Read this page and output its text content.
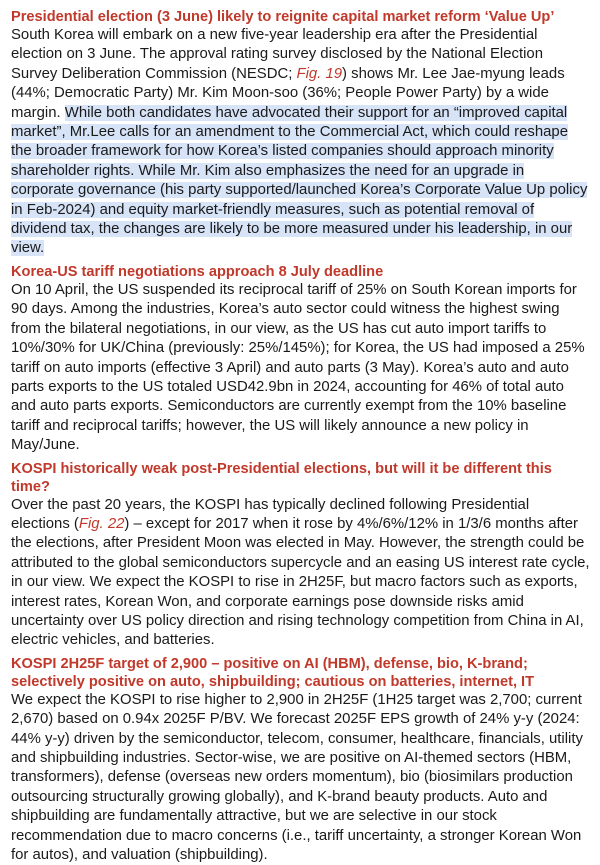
Presidential election (3 June) likely to reignite capital market reform ‘Value Up’

South Korea will embark on a new five-year leadership era after the Presidential election on 3 June. The approval rating survey disclosed by the National Election Survey Deliberation Commission (NESDC; Fig. 19) shows Mr. Lee Jae-myung leads (44%; Democratic Party) Mr. Kim Moon-soo (36%; People Power Party) by a wide margin. While both candidates have advocated their support for an “improved capital market”, Mr.Lee calls for an amendment to the Commercial Act, which could reshape the broader framework for how Korea’s listed companies should approach minority shareholder rights. While Mr. Kim also emphasizes the need for an upgrade in corporate governance (his party supported/launched Korea’s Corporate Value Up policy in Feb-2024) and equity market-friendly measures, such as potential removal of dividend tax, the changes are likely to be more measured under his leadership, in our view.

Korea-US tariff negotiations approach 8 July deadline

On 10 April, the US suspended its reciprocal tariff of 25% on South Korean imports for 90 days. Among the industries, Korea’s auto sector could witness the highest swing from the bilateral negotiations, in our view, as the US has cut auto import tariffs to 10%/30% for UK/China (previously: 25%/145%); for Korea, the US had imposed a 25% tariff on auto imports (effective 3 April) and auto parts (3 May). Korea’s auto and auto parts exports to the US totaled USD42.9bn in 2024, accounting for 46% of total auto and auto parts exports. Semiconductors are currently exempt from the 10% baseline tariff and reciprocal tariffs; however, the US will likely announce a new policy in May/June.

KOSPI historically weak post-Presidential elections, but will it be different this time?

Over the past 20 years, the KOSPI has typically declined following Presidential elections (Fig. 22) – except for 2017 when it rose by 4%/6%/12% in 1/3/6 months after the elections, after President Moon was elected in May. However, the strength could be attributed to the global semiconductors supercycle and an easing US interest rate cycle, in our view. We expect the KOSPI to rise in 2H25F, but macro factors such as exports, interest rates, Korean Won, and corporate earnings pose downside risks amid uncertainty over US policy direction and rising technology competition from China in AI, electric vehicles, and batteries.

KOSPI 2H25F target of 2,900 – positive on AI (HBM), defense, bio, K-brand; selectively positive on auto, shipbuilding; cautious on batteries, internet, IT

We expect the KOSPI to rise higher to 2,900 in 2H25F (1H25 target was 2,700; current 2,670) based on 0.94x 2025F P/BV. We forecast 2025F EPS growth of 24% y-y (2024: 44% y-y) driven by the semiconductor, telecom, consumer, healthcare, financials, utility and shipbuilding industries. Sector-wise, we are positive on AI-themed sectors (HBM, transformers), defense (overseas new orders momentum), bio (biosimilars production outsourcing structurally growing globally), and K-brand beauty products. Auto and shipbuilding are fundamentally attractive, but we are selective in our stock recommendation due to macro concerns (i.e., tariff uncertainty, a stronger Korean Won for autos), and valuation (shipbuilding).
